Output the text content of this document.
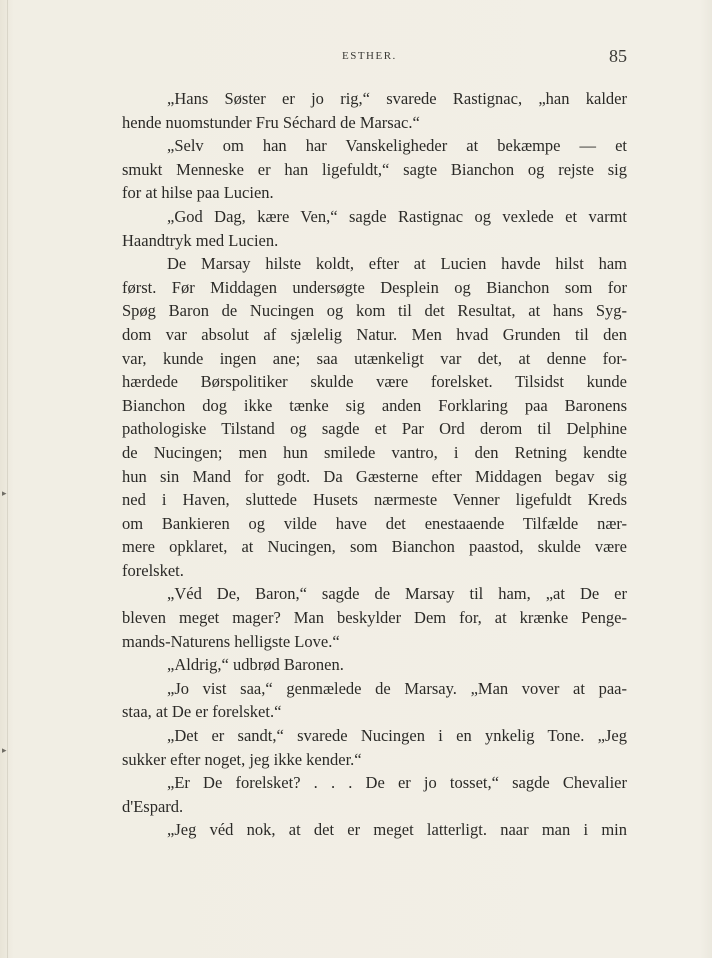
ESTHER.	85
▸
▸
„Hans Søster er jo rig,“ svarede Rastignac, „han kalder
hende nuomstunder Fru Séchard de Marsac.“
„Selv om han har Vanskeligheder at bekæmpe — et
smukt Menneske er han ligefuldt,“ sagte Bianchon og rejste sig
for at hilse paa Lucien.
„God Dag, kære Ven,“ sagde Rastignac og vexlede et varmt
Haandtryk med Lucien.
De Marsay hilste koldt, efter at Lucien havde hilst ham
først. Før Middagen undersøgte Desplein og Bianchon som for
Spøg Baron de Nucingen og kom til det Resultat, at hans Syg-
dom var absolut af sjælelig Natur. Men hvad Grunden til den
var, kunde ingen ane; saa utænkeligt var det, at denne for-
hærdede Børspolitiker skulde være forelsket. Tilsidst kunde
Bianchon dog ikke tænke sig anden Forklaring paa Baronens
pathologiske Tilstand og sagde et Par Ord derom til Delphine
de Nucingen; men hun smilede vantro, i den Retning kendte
hun sin Mand for godt. Da Gæsterne efter Middagen begav sig
ned i Haven, sluttede Husets nærmeste Venner ligefuldt Kreds
om Bankieren og vilde have det enestaaende Tilfælde nær-
mere opklaret, at Nucingen, som Bianchon paastod, skulde være
forelsket.
„Véd De, Baron,“ sagde de Marsay til ham, „at De er
bleven meget mager? Man beskylder Dem for, at krænke Penge-
mands-Naturens helligste Love.“
„Aldrig,“ udbrød Baronen.
„Jo vist saa,“ genmælede de Marsay. „Man vover at paa-
staa, at De er forelsket.“
„Det er sandt,“ svarede Nucingen i en ynkelig Tone. „Jeg
sukker efter noget, jeg ikke kender.“
„Er De forelsket? . . . De er jo tosset,“ sagde Chevalier
d'Espard.
„Jeg véd nok, at det er meget latterligt. naar man i min
